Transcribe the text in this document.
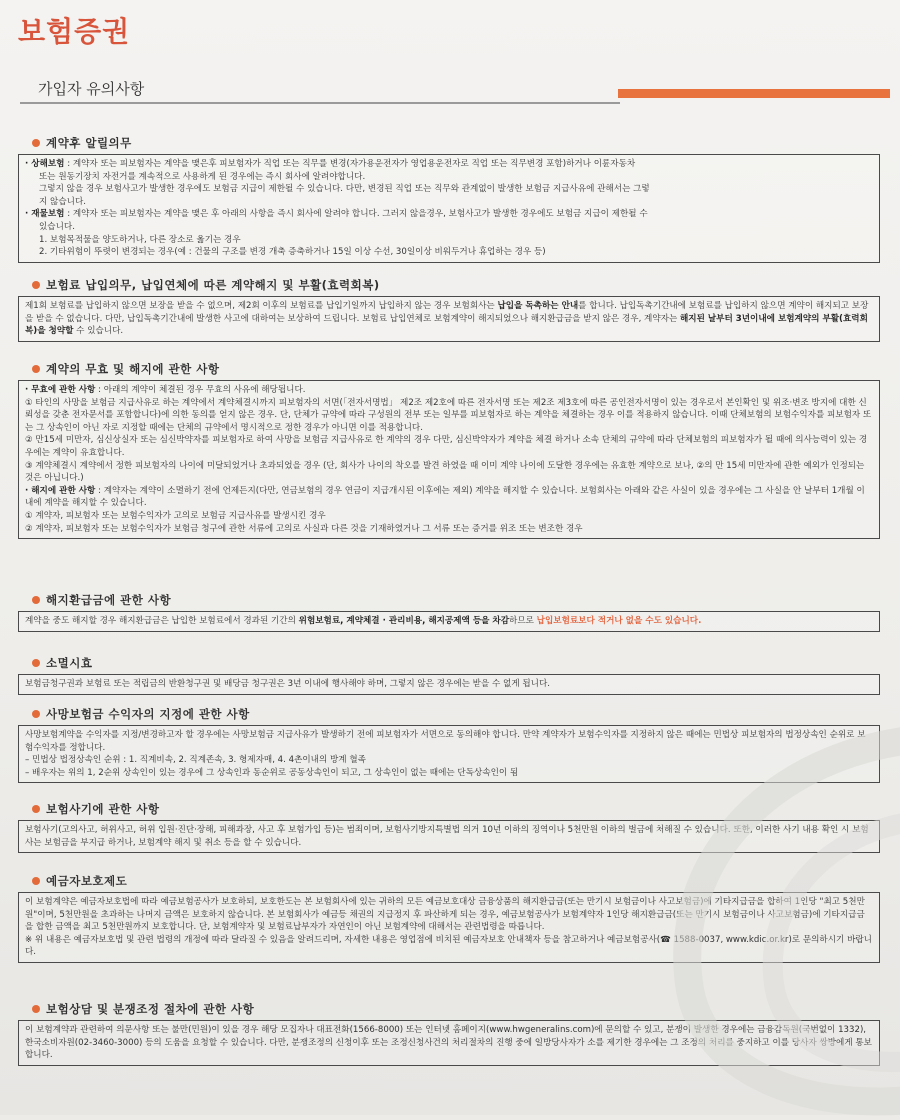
보험증권
가입자 유의사항
계약후 알릴의무

· 상해보험 : 계약자 또는 피보험자는 계약을 맺은후 피보험자가 직업 또는 직무를 변경(자가용운전자가 영업용운전자로 직업 또는 직무변경 포함)하거나 이륜자동차

또는 원동기장치 자전거를 계속적으로 사용하게 된 경우에는 즉시 회사에 알려야합니다.

그렇지 않을 경우 보험사고가 발생한 경우에도 보험금 지급이 제한될 수 있습니다. 다만, 변경된 직업 또는 직무와 관계없이 발생한 보험금 지급사유에 관해서는 그렇

지 않습니다.

· 재물보험 : 계약자 또는 피보험자는 계약을 맺은 후 아래의 사항을 즉시 회사에 알려야 합니다. 그러지 않을경우, 보험사고가 발생한 경우에도 보험금 지급이 제한될 수

있습니다.

1. 보험목적물을 양도하거나, 다른 장소로 옮기는 경우

2. 기타위험이 뚜렷이 변경되는 경우(예 : 건물의 구조를 변경 개축 증축하거나 15일 이상 수선, 30일이상 비워두거나 휴업하는 경우 등)

보험료 납입의무, 납입연체에 따른 계약해지 및 부활(효력회복)

제1회 보험료를 납입하지 않으면 보장을 받을 수 없으며, 제2회 이후의 보험료를 납입기일까지 납입하지 않는 경우 보험회사는 납입을 독촉하는 안내를 합니다. 납입독촉기간내에 보험료를 납입하지 않으면 계약이 해지되고 보장을 받을 수 없습니다. 다만, 납입독촉기간내에 발생한 사고에 대하여는 보상하여 드립니다. 보험료 납입연체로 보험계약이 해지되었으나 해지환급금을 받지 않은 경우, 계약자는 해지된 날부터 3년이내에 보험계약의 부활(효력회복)을 청약할 수 있습니다.

계약의 무효 및 해지에 관한 사항

· 무효에 관한 사항 : 아래의 계약이 체결된 경우 무효의 사유에 해당됩니다.

① 타인의 사망을 보험금 지급사유로 하는 계약에서 계약체결시까지 피보험자의 서면(「전자서명법」 제2조 제2호에 따른 전자서명 또는 제2조 제3호에 따른 공인전자서명이 있는 경우로서 본인확인 및 위조·변조 방지에 대한 신뢰성을 갖춘 전자문서를 포함합니다)에 의한 동의를 얻지 않은 경우. 단, 단체가 규약에 따라 구성원의 전부 또는 일부를 피보험자로 하는 계약을 체결하는 경우 이를 적용하지 않습니다. 이때 단체보험의 보험수익자를 피보험자 또는 그 상속인이 아닌 자로 지정할 때에는 단체의 규약에서 명시적으로 정한 경우가 아니면 이를 적용합니다.

② 만15세 미만자, 심신상실자 또는 심신박약자를 피보험자로 하여 사망을 보험금 지급사유로 한 계약의 경우 다만, 심신박약자가 계약을 체결 하거나 소속 단체의 규약에 따라 단체보험의 피보험자가 될 때에 의사능력이 있는 경우에는 계약이 유효합니다.

③ 계약체결시 계약에서 정한 피보험자의 나이에 미달되었거나 초과되었을 경우 (단, 회사가 나이의 착오를 발견 하였을 때 이미 계약 나이에 도달한 경우에는 유효한 계약으로 보나, ②의 만 15세 미만자에 관한 예외가 인정되는 것은 아닙니다.)

· 해지에 관한 사항 : 계약자는 계약이 소멸하기 전에 언제든지(다만, 연금보험의 경우 연금이 지급개시된 이후에는 제외) 계약을 해지할 수 있습니다. 보험회사는 아래와 같은 사실이 있을 경우에는 그 사실을 안 날부터 1개월 이내에 계약을 해지할 수 있습니다.

① 계약자, 피보험자 또는 보험수익자가 고의로 보험금 지급사유를 발생시킨 경우

② 계약자, 피보험자 또는 보험수익자가 보험금 청구에 관한 서류에 고의로 사실과 다른 것을 기재하였거나 그 서류 또는 증거를 위조 또는 변조한 경우

해지환급금에 관한 사항

계약을 중도 해지할 경우 해지환급금은 납입한 보험료에서 경과된 기간의 위험보험료, 계약체결 · 관리비용, 해지공제액 등을 차감하므로 납입보험료보다 적거나 없을 수도 있습니다.

소멸시효

보험금청구권과 보험료 또는 적립금의 반환청구권 및 배당금 청구권은 3년 이내에 행사해야 하며, 그렇지 않은 경우에는 받을 수 없게 됩니다.

사망보험금 수익자의 지정에 관한 사항

사망보험계약을 수익자를 지정/변경하고자 할 경우에는 사망보험금 지급사유가 발생하기 전에 피보험자가 서면으로 동의해야 합니다. 만약 계약자가 보험수익자를 지정하지 않은 때에는 민법상 피보험자의 법정상속인 순위로 보험수익자를 정합니다.

– 민법상 법정상속인 순위 : 1. 직계비속, 2. 직계존속, 3. 형제자매, 4. 4촌이내의 방계 혈족

– 배우자는 위의 1, 2순위 상속인이 있는 경우에 그 상속인과 동순위로 공동상속인이 되고, 그 상속인이 없는 때에는 단독상속인이 됨

보험사기에 관한 사항

보험사기(고의사고, 허위사고, 허위 입원·진단·장해, 피해과장, 사고 후 보험가입 등)는 범죄이며, 보험사기방지특별법 의거 10년 이하의 징역이나 5천만원 이하의 벌금에 처해질 수 있습니다. 또한, 이러한 사기 내용 확인 시 보험사는 보험금을 부지급 하거나, 보험계약 해지 및 취소 등을 할 수 있습니다.

예금자보호제도

이 보험계약은 예금자보호법에 따라 예금보험공사가 보호하되, 보호한도는 본 보험회사에 있는 귀하의 모든 예금보호대상 금융상품의 해지환급금(또는 만기시 보험금이나 사고보험금)에 기타지급금을 합하여 1인당 "최고 5천만원"이며, 5천만원을 초과하는 나머지 금액은 보호하지 않습니다. 본 보험회사가 예금등 채권의 지급정지 후 파산하게 되는 경우, 예금보험공사가 보험계약자 1인당 해지환급금(또는 만기시 보험금이나 사고보험금)에 기타지급금을 합한 금액을 최고 5천만원까지 보호합니다. 단, 보험계약자 및 보험료납부자가 자연인이 아닌 보험계약에 대해서는 관련법령을 따릅니다.

※ 위 내용은 예금자보호법 및 관련 법령의 개정에 따라 달라질 수 있음을 알려드리며, 자세한 내용은 영업점에 비치된 예금자보호 안내책자 등을 참고하거나 예금보험공사(☎ 1588-0037, www.kdic.or.kr)로 문의하시기 바랍니다.

보험상담 및 분쟁조정 절차에 관한 사항

이 보험계약과 관련하여 의문사항 또는 불만(민원)이 있을 경우 해당 모집자나 대표전화(1566-8000) 또는 인터넷 홈페이지(www.hwgeneralins.com)에 문의할 수 있고, 분쟁이 발생한 경우에는 금융감독원(국번없이 1332), 한국소비자원(02-3460-3000) 등의 도움을 요청할 수 있습니다. 다만, 분쟁조정의 신청이후 또는 조정신청사건의 처리절차의 진행 중에 일방당사자가 소를 제기한 경우에는 그 조정의 처리를 중지하고 이를 당사자 쌍방에게 통보합니다.
